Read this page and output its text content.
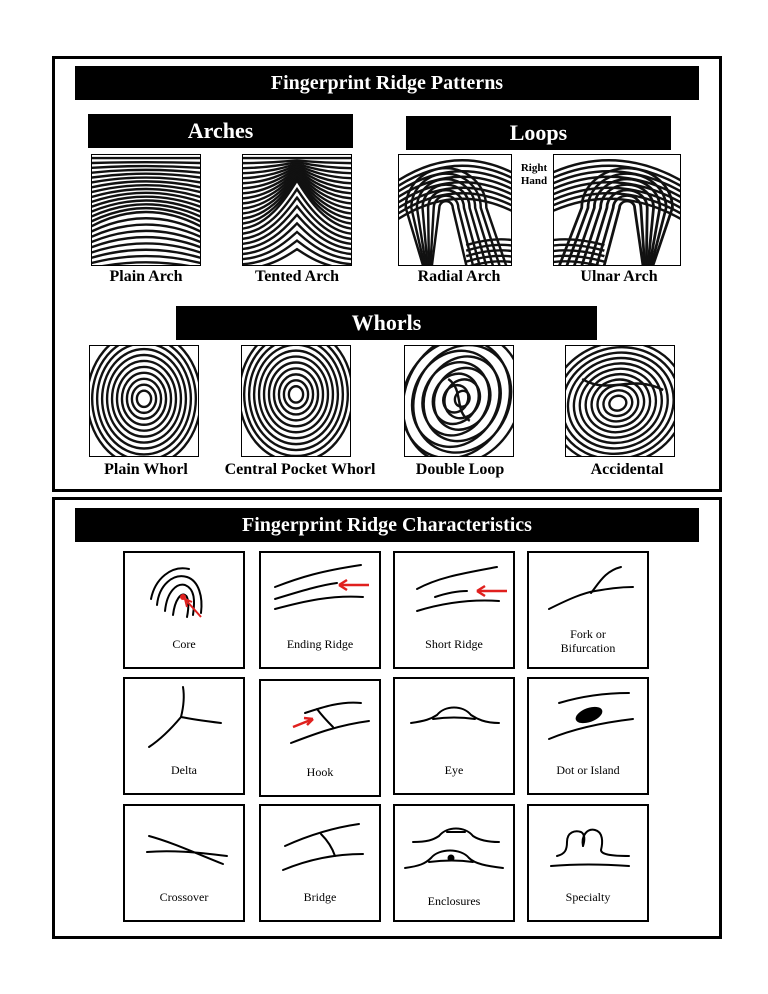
Fingerprint Ridge Patterns
Arches	Loops
Right
Hand
Plain Arch	Tented Arch	Radial Arch	Ulnar Arch
Whorls
Plain Whorl	Central Pocket Whorl	Double Loop	Accidental
Fingerprint Ridge Characteristics
Core	Ending Ridge	Short Ridge
Fork or
Bifurcation
Delta	Hook	Eye	Dot or Island
Crossover	Bridge	Enclosures	Specialty
